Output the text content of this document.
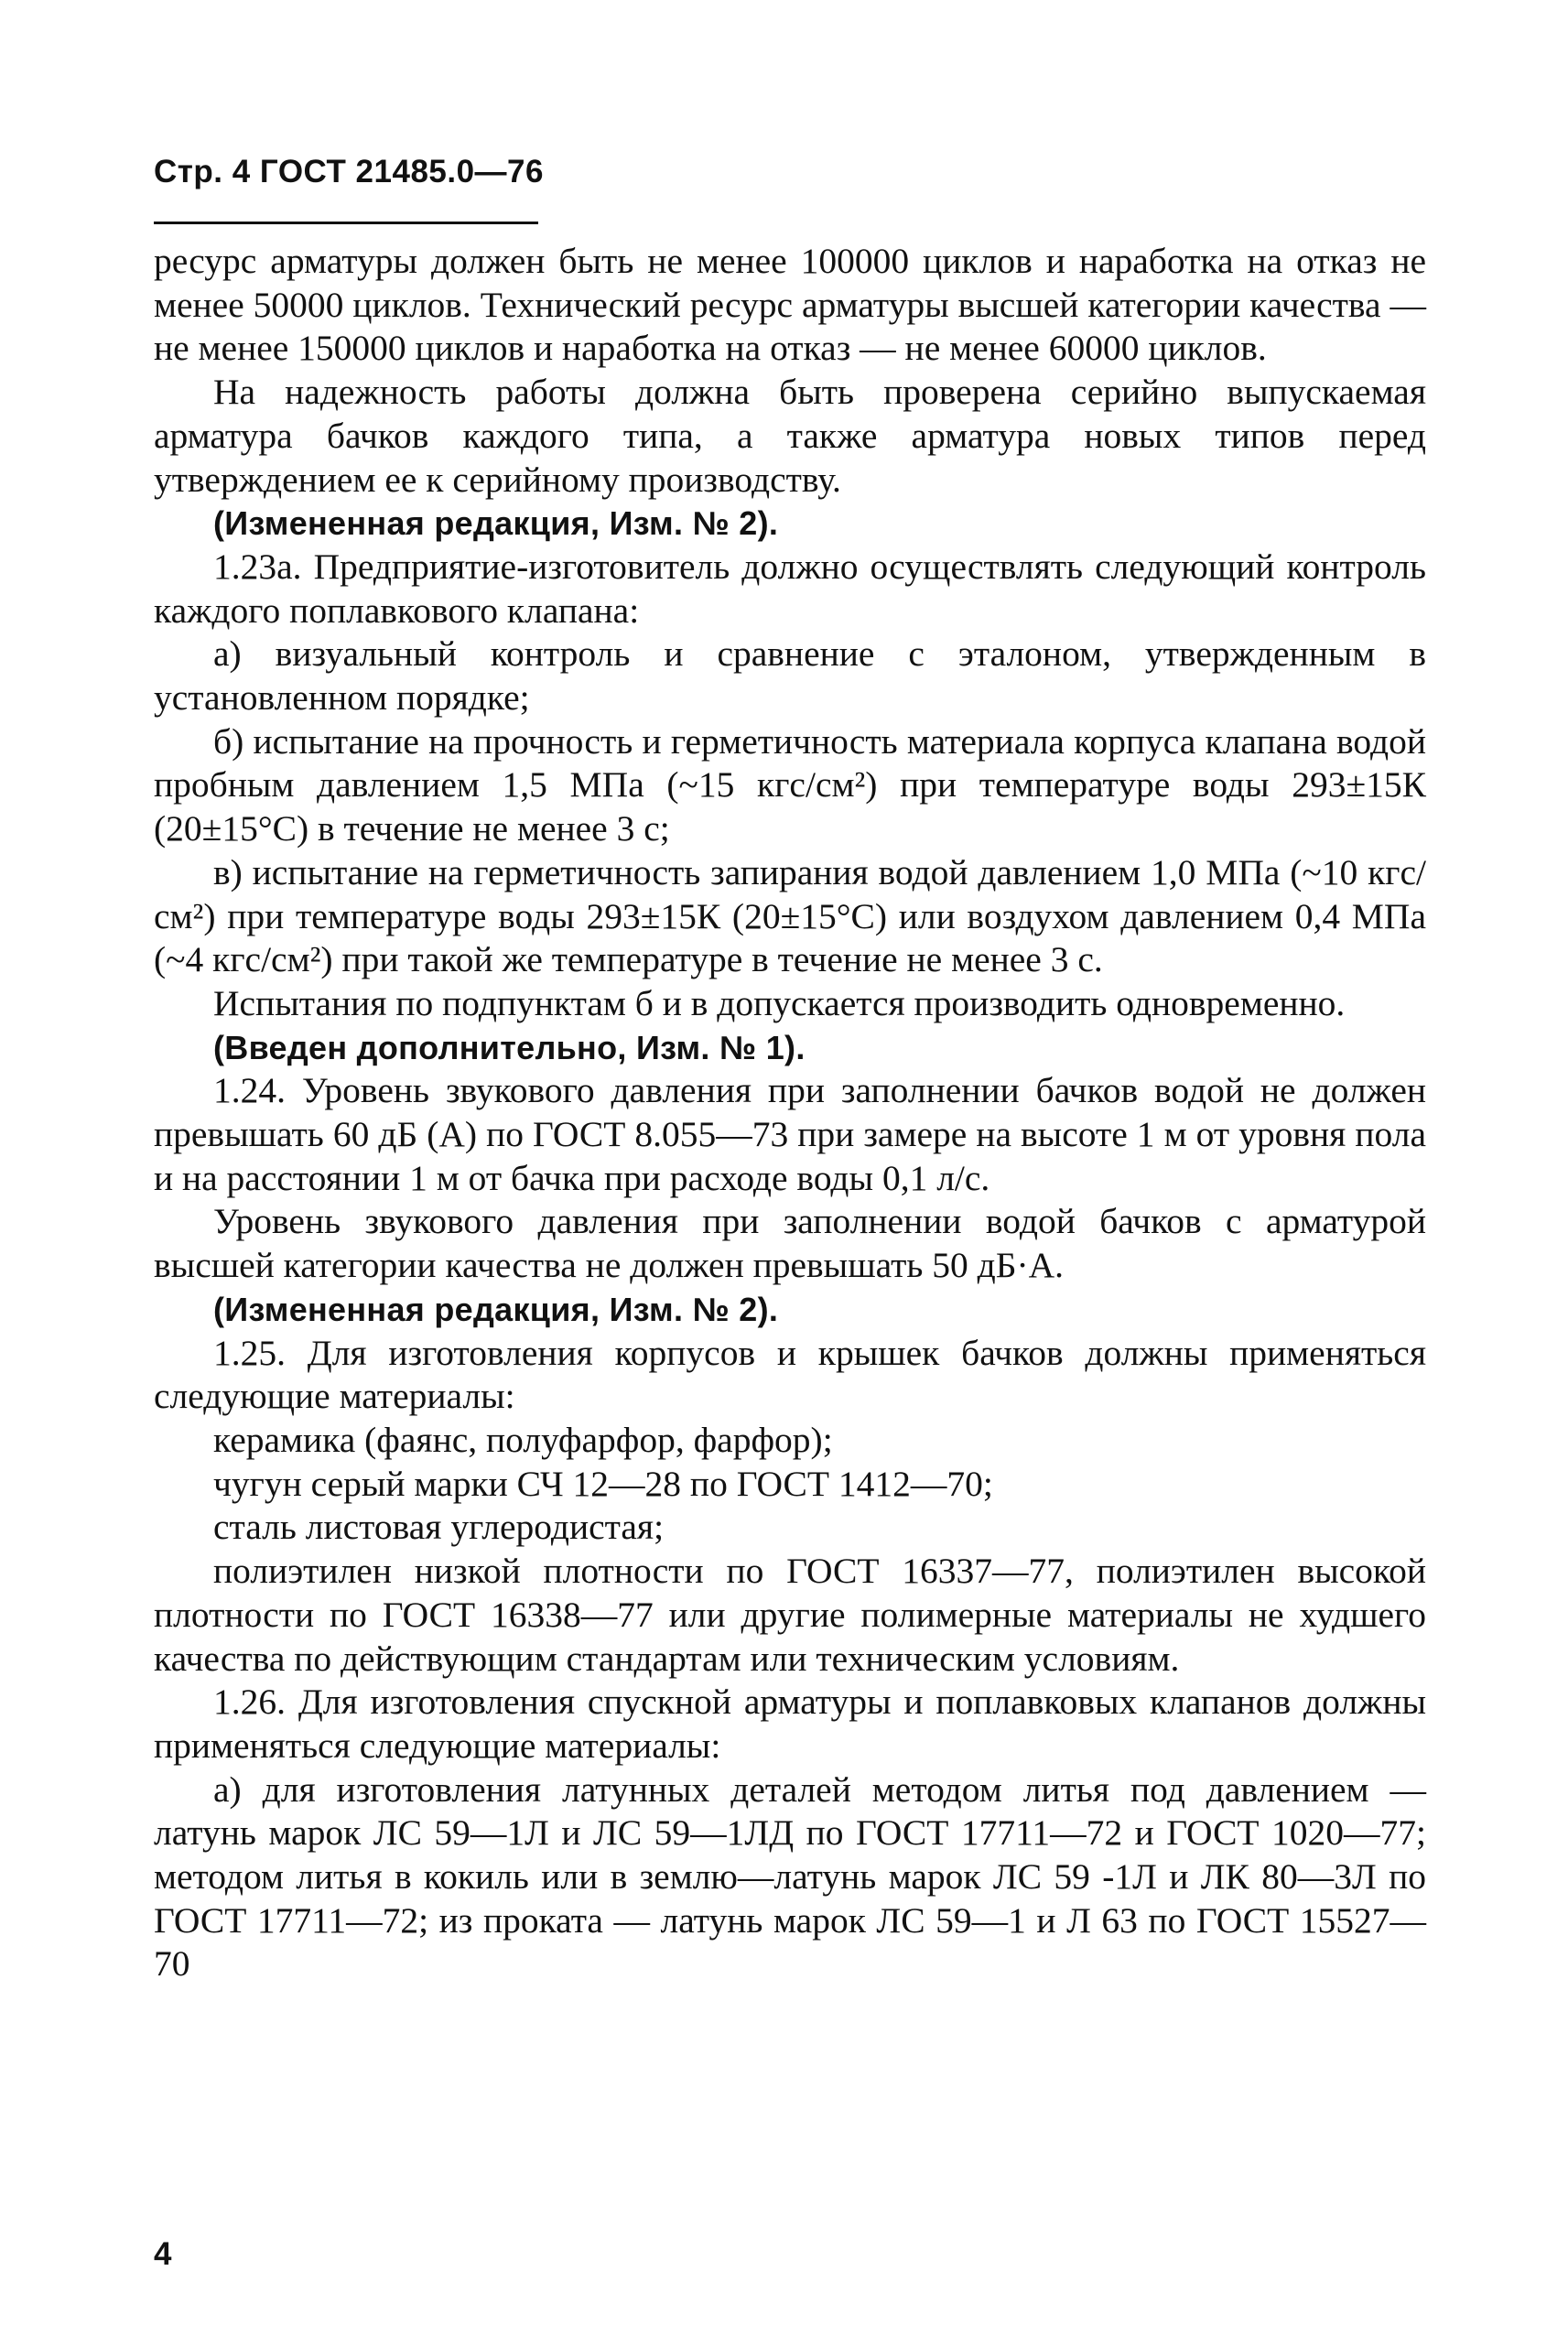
Стр. 4 ГОСТ 21485.0—76

ресурс арматуры должен быть не менее 100000 циклов и наработка на отказ не менее 50000 циклов. Технический ресурс арматуры высшей категории качества — не менее 150000 циклов и наработка на отказ — не менее 60000 циклов.

На надежность работы должна быть проверена серийно выпускаемая арматура бачков каждого типа, а также арматура новых типов перед утверждением ее к серийному производству.

(Измененная редакция, Изм. № 2).

1.23а. Предприятие-изготовитель должно осуществлять следующий контроль каждого поплавкового клапана:

а) визуальный контроль и сравнение с эталоном, утвержденным в установленном порядке;

б) испытание на прочность и герметичность материала корпуса клапана водой пробным давлением 1,5 МПа (~15 кгс/см²) при температуре воды 293±15К (20±15°С) в течение не менее 3 с;

в) испытание на герметичность запирания водой давлением 1,0 МПа (~10 кгс/см²) при температуре воды 293±15К (20±15°С) или воздухом давлением 0,4 МПа (~4 кгс/см²) при такой же температуре в течение не менее 3 с.

Испытания по подпунктам б и в допускается производить одновременно.

(Введен дополнительно, Изм. № 1).

1.24. Уровень звукового давления при заполнении бачков водой не должен превышать 60 дБ (А) по ГОСТ 8.055—73 при замере на высоте 1 м от уровня пола и на расстоянии 1 м от бачка при расходе воды 0,1 л/с.

Уровень звукового давления при заполнении водой бачков с арматурой высшей категории качества не должен превышать 50 дБ·А.

(Измененная редакция, Изм. № 2).

1.25. Для изготовления корпусов и крышек бачков должны применяться следующие материалы:

керамика (фаянс, полуфарфор, фарфор);

чугун серый марки СЧ 12—28 по ГОСТ 1412—70;

сталь листовая углеродистая;

полиэтилен низкой плотности по ГОСТ 16337—77, полиэтилен высокой плотности по ГОСТ 16338—77 или другие полимерные материалы не худшего качества по действующим стандартам или техническим условиям.

1.26. Для изготовления спускной арматуры и поплавковых клапанов должны применяться следующие материалы:

а) для изготовления латунных деталей методом литья под давлением — латунь марок ЛС 59—1Л и ЛС 59—1ЛД по ГОСТ 17711—72 и ГОСТ 1020—77; методом литья в кокиль или в землю—латунь марок ЛС 59 -1Л и ЛК 80—3Л по ГОСТ 17711—72; из проката — латунь марок ЛС 59—1 и Л 63 по ГОСТ 15527—70

4
